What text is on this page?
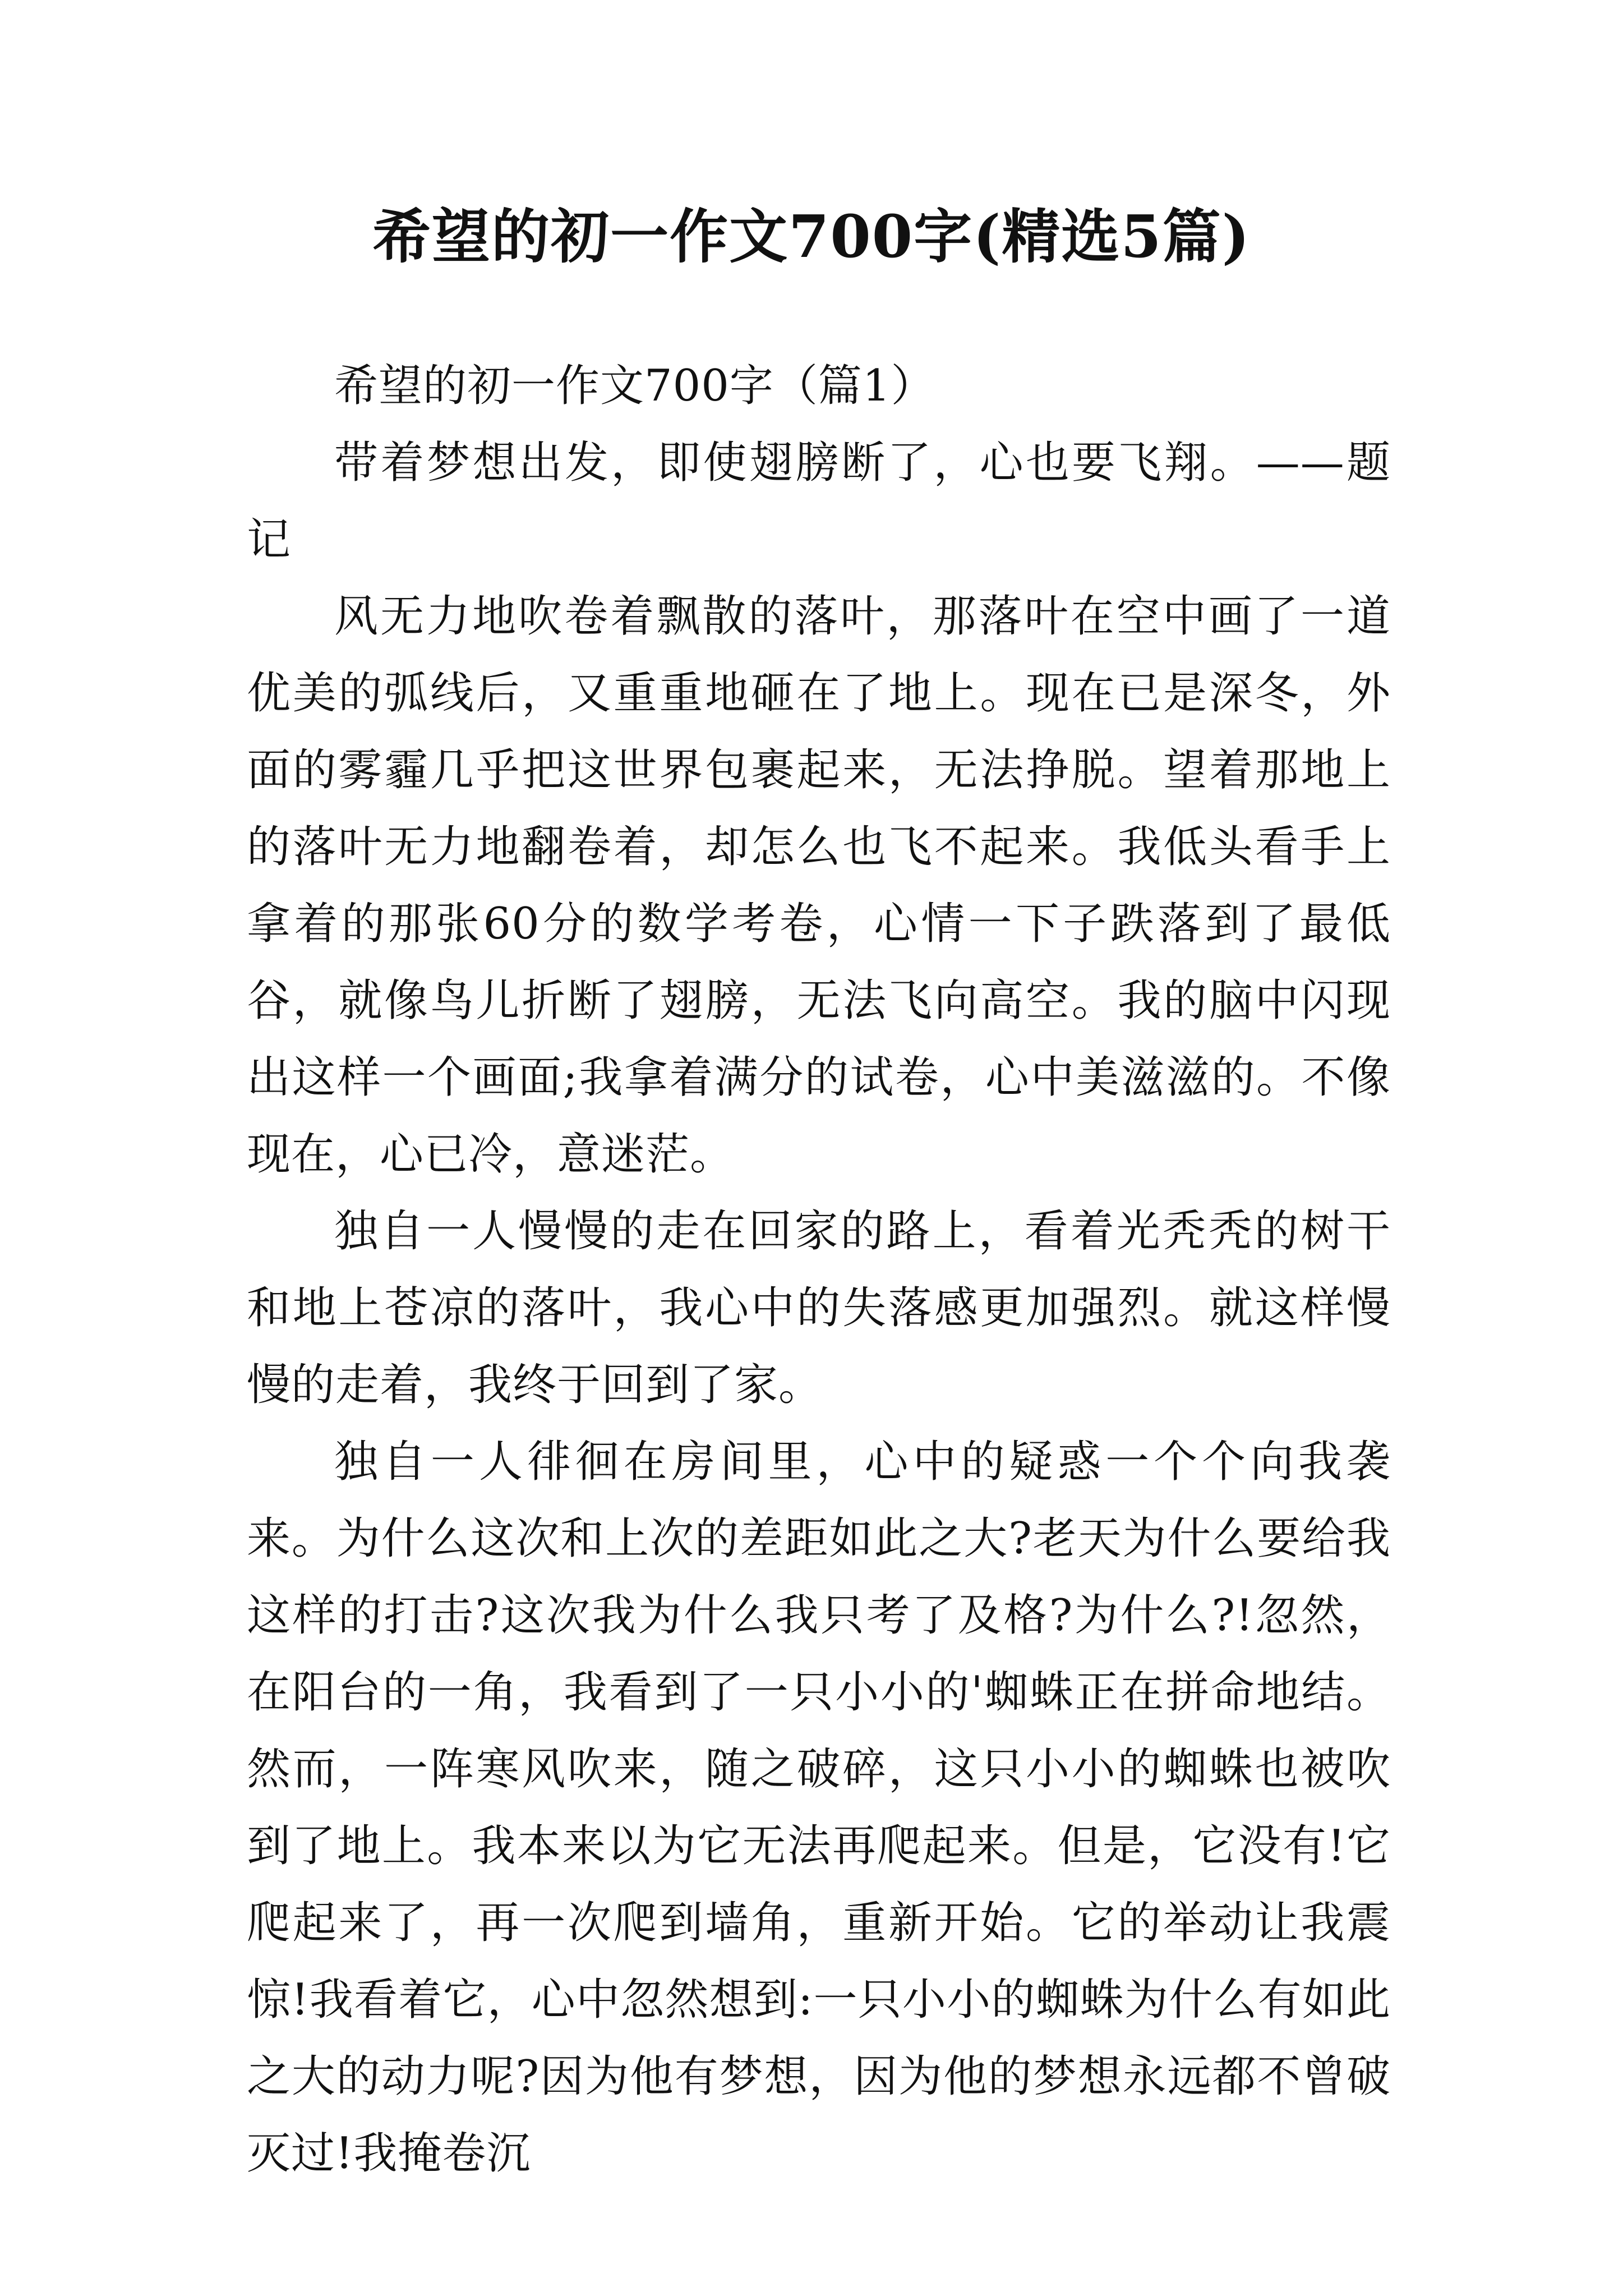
希望的初一作文700字(精选5篇)

希望的初一作文700字（篇1）

带着梦想出发，即使翅膀断了，心也要飞翔。——题记

风无力地吹卷着飘散的落叶，那落叶在空中画了一道优美的弧线后，又重重地砸在了地上。现在已是深冬，外面的雾霾几乎把这世界包裹起来，无法挣脱。望着那地上的落叶无力地翻卷着，却怎么也飞不起来。我低头看手上拿着的那张60分的数学考卷，心情一下子跌落到了最低谷，就像鸟儿折断了翅膀，无法飞向高空。我的脑中闪现出这样一个画面;我拿着满分的试卷，心中美滋滋的。不像现在，心已冷，意迷茫。

独自一人慢慢的走在回家的路上，看着光秃秃的树干和地上苍凉的落叶，我心中的失落感更加强烈。就这样慢慢的走着，我终于回到了家。

独自一人徘徊在房间里，心中的疑惑一个个向我袭来。为什么这次和上次的差距如此之大?老天为什么要给我这样的打击?这次我为什么我只考了及格?为什么?!忽然，在阳台的一角，我看到了一只小小的'蜘蛛正在拼命地结。然而，一阵寒风吹来，随之破碎，这只小小的蜘蛛也被吹到了地上。我本来以为它无法再爬起来。但是，它没有!它爬起来了，再一次爬到墙角，重新开始。它的举动让我震惊!我看着它，心中忽然想到:一只小小的蜘蛛为什么有如此之大的动力呢?因为他有梦想，因为他的梦想永远都不曾破灭过!我掩卷沉
